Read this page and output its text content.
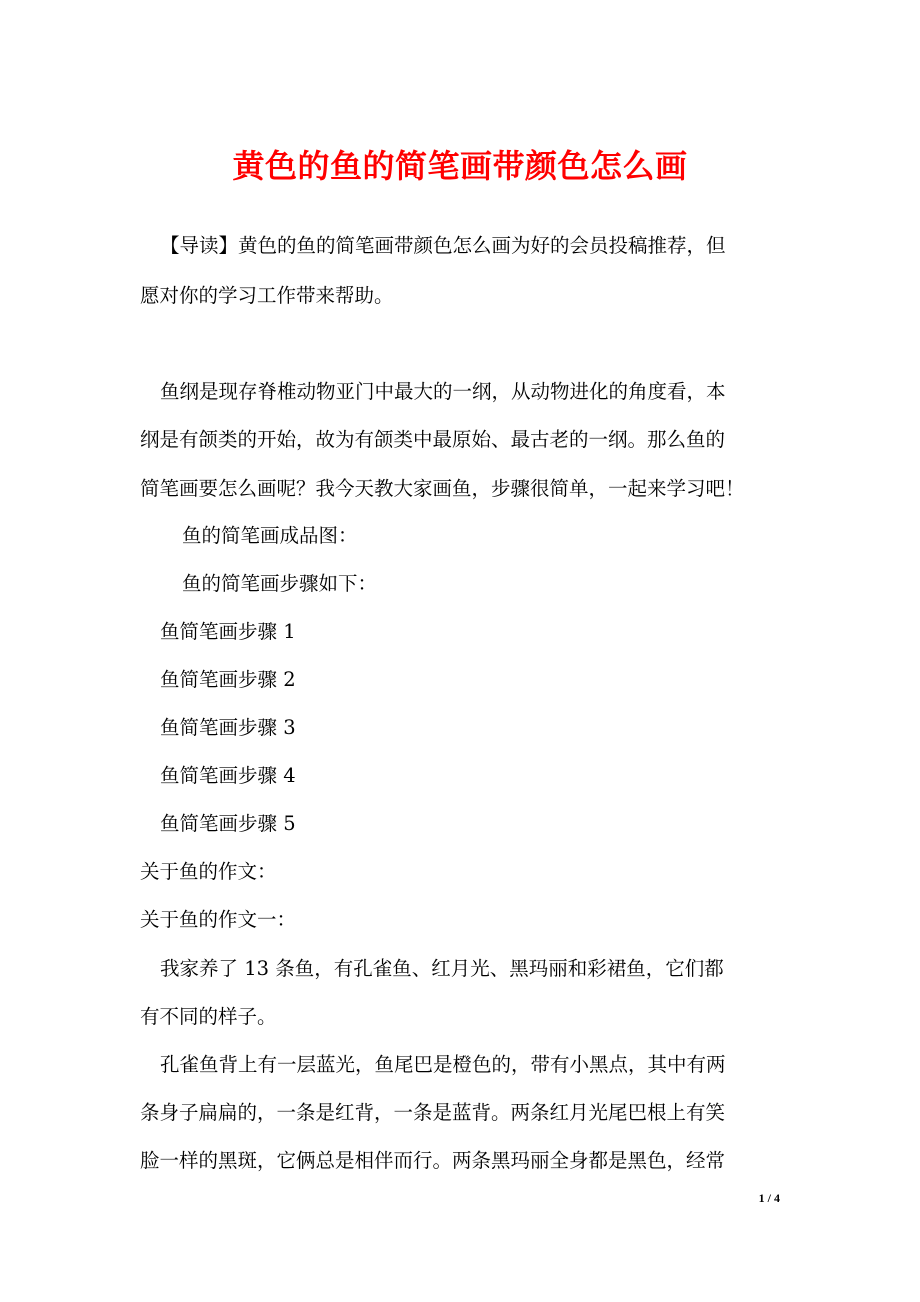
黄色的鱼的简笔画带颜色怎么画
【导读】黄色的鱼的简笔画带颜色怎么画为好的会员投稿推荐，但
愿对你的学习工作带来帮助。
鱼纲是现存脊椎动物亚门中最大的一纲，从动物进化的角度看，本
纲是有颌类的开始，故为有颌类中最原始、最古老的一纲。那么鱼的
简笔画要怎么画呢？我今天教大家画鱼，步骤很简单，一起来学习吧！
鱼的简笔画成品图：
鱼的简笔画步骤如下：
鱼简笔画步骤 1
鱼简笔画步骤 2
鱼简笔画步骤 3
鱼简笔画步骤 4
鱼简笔画步骤 5
关于鱼的作文：
关于鱼的作文一：
我家养了 13 条鱼，有孔雀鱼、红月光、黑玛丽和彩裙鱼，它们都
有不同的样子。
孔雀鱼背上有一层蓝光，鱼尾巴是橙色的，带有小黑点，其中有两
条身子扁扁的，一条是红背，一条是蓝背。两条红月光尾巴根上有笑
脸一样的黑斑，它俩总是相伴而行。两条黑玛丽全身都是黑色，经常
1 / 4
